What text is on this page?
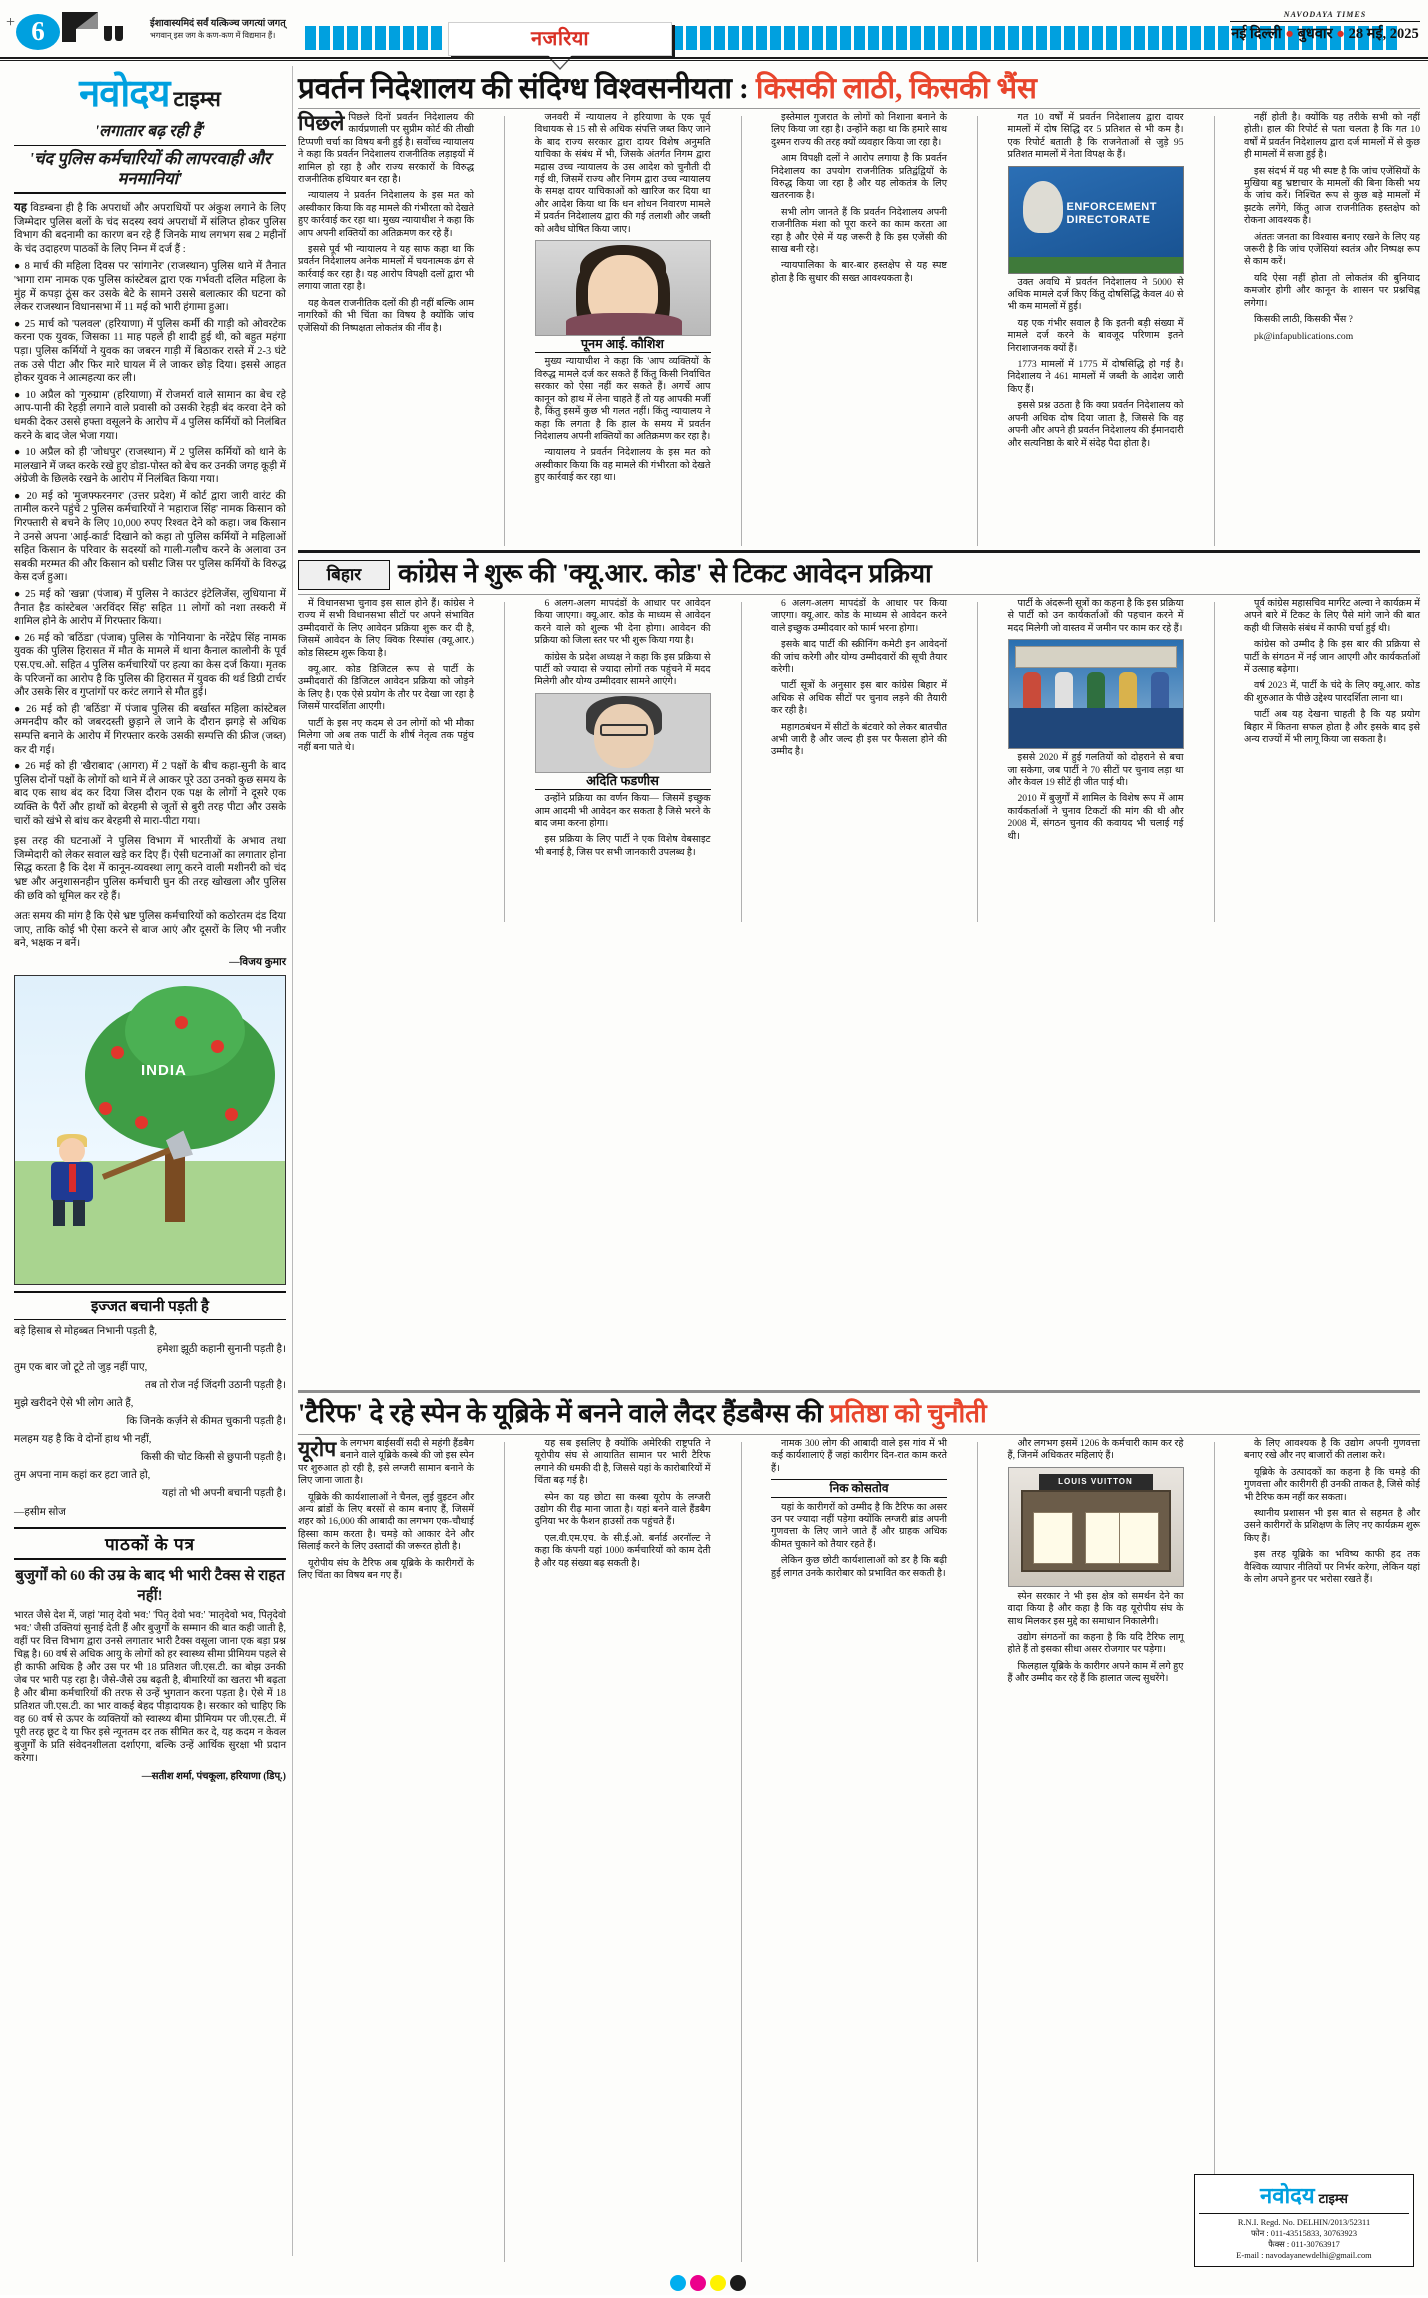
+ 6	ईशावास्यमिदं सर्वं यत्किञ्च जगत्यां जगत्
भगवान् इस जग के कण-कण में विद्यमान हैं।	नजरिया
NAVODAYA TIMES
नई दिल्ली ● बुधवार ● 28 मई, 2025
नवोदय टाइम्स
'लगातार बढ़ रही हैं'
'चंद पुलिस कर्मचारियों की लापरवाही और मनमानियां'
यह विडम्बना ही है कि अपराधों और अपराधियों पर अंकुश लगाने के लिए जिम्मेदार पुलिस बलों के चंद सदस्य स्वयं अपराधों में संलिप्त होकर पुलिस विभाग की बदनामी का कारण बन रहे हैं जिनके माथ लगभग सब 2 महीनों के चंद उदाहरण पाठकों के लिए निम्न में दर्ज हैं :

● 8 मार्च की महिला दिवस पर 'सांगानेर' (राजस्थान) पुलिस थाने में तैनात 'भागा राम' नामक एक पुलिस कांस्टेबल द्वारा एक गर्भवती दलित महिला के मुंह में कपड़ा ठूंस कर उसके बेटे के सामने उससे बलात्कार की घटना को लेकर राजस्थान विधानसभा में 11 मई को भारी हंगामा हुआ।

● 25 मार्च को 'पलवल' (हरियाणा) में पुलिस कर्मी की गाड़ी को ओवरटेक करना एक युवक, जिसका 11 माह पहले ही शादी हुई थी, को बहुत महंगा पड़ा। पुलिस कर्मियों ने युवक का जबरन गाड़ी में बिठाकर रास्ते में 2-3 घंटे तक उसे पीटा और फिर मारे घायल में ले जाकर छोड़ दिया। इससे आहत होकर युवक ने आत्महत्या कर ली।

● 10 अप्रैल को 'गुरुग्राम' (हरियाणा) में रोजमर्रा वाले सामान का बेच रहे आप-पानी की रेहड़ी लगाने वाले प्रवासी को उसकी रेहड़ी बंद करवा देने को धमकी देकर उससे हफ्ता वसूलने के आरोप में 4 पुलिस कर्मियों को निलंबित करने के बाद जेल भेजा गया।

● 10 अप्रैल को ही 'जोधपुर' (राजस्थान) में 2 पुलिस कर्मियों को थाने के मालखाने में जब्त करके रखे हुए डोडा-पोस्त को बेच कर उनकी जगह कूड़ी में अंग्रेजी के छिलके रखने के आरोप में निलंबित किया गया।

● 20 मई को 'मुजफ्फरनगर' (उत्तर प्रदेश) में कोर्ट द्वारा जारी वारंट की तामील करने पहुंचे 2 पुलिस कर्मचारियों ने 'महाराज सिंह' नामक किसान को गिरफ्तारी से बचने के लिए 10,000 रुपए रिश्वत देने को कहा। जब किसान ने उनसे अपना 'आई-कार्ड' दिखाने को कहा तो पुलिस कर्मियों ने महिलाओं सहित किसान के परिवार के सदस्यों को गाली-गलौच करने के अलावा उन सबकी मरम्मत की और किसान को घसीट जिस पर पुलिस कर्मियों के विरुद्ध केस दर्ज हुआ।

● 25 मई को 'खन्ना' (पंजाब) में पुलिस ने काउंटर इंटेलिजेंस, लुधियाना में तैनात हैड कांस्टेबल 'अरविंदर सिंह' सहित 11 लोगों को नशा तस्करी में शामिल होने के आरोप में गिरफ्तार किया।

● 26 मई को 'बठिंडा' (पंजाब) पुलिस के 'गोनियाना' के नरेंद्रेप सिंह नामक युवक की पुलिस हिरासत में मौत के मामले में थाना कैनाल कालोनी के पूर्व एस.एच.ओ. सहित 4 पुलिस कर्मचारियों पर हत्या का केस दर्ज किया। मृतक के परिजनों का आरोप है कि पुलिस की हिरासत में युवक की थर्ड डिग्री टार्चर और उसके सिर व गुप्तांगों पर करंट लगाने से मौत हुई।

● 26 मई को ही 'बठिंडा' में पंजाब पुलिस की बर्खास्त महिला कांस्टेबल अमनदीप कौर को जबरदस्ती छुड़ाने ले जाने के दौरान झगड़े से अधिक सम्पत्ति बनाने के आरोप में गिरफ्तार करके उसकी सम्पत्ति की फ्रीज (जब्त) कर दी गई।

● 26 मई को ही 'खैराबाद' (आगरा) में 2 पक्षों के बीच कहा-सुनी के बाद पुलिस दोनों पक्षों के लोगों को थाने में ले आकर पूरे उठा उनको कुछ समय के बाद एक साथ बंद कर दिया जिस दौरान एक पक्ष के लोगों ने दूसरे एक व्यक्ति के पैरों और हाथों को बेरहमी से जूतों से बुरी तरह पीटा और उसके चारों को खंभे से बांध कर बेरहमी से मारा-पीटा गया।

इस तरह की घटनाओं ने पुलिस विभाग में भारतीयों के अभाव तथा जिम्मेदारी को लेकर सवाल खड़े कर दिए हैं। ऐसी घटनाओं का लगातार होना सिद्ध करता है कि देश में कानून-व्यवस्था लागू करने वाली मशीनरी को चंद भ्रष्ट और अनुशासनहीन पुलिस कर्मचारी घुन की तरह खोखला और पुलिस की छवि को धूमिल कर रहे हैं।
अतः समय की मांग है कि ऐसे भ्रष्ट पुलिस कर्मचारियों को कठोरतम दंड दिया जाए, ताकि कोई भी ऐसा करने से बाज आएं और दूसरों के लिए भी नजीर बने, भक्षक न बनें।
—विजय कुमार
INDIA
इज्जत बचानी पड़ती है

बड़े हिसाब से मोहब्बत निभानी पड़ती है,

हमेशा झूठी कहानी सुनानी पड़ती है।

तुम एक बार जो टूटे तो जुड़ नहीं पाए,

तब तो रोज नई जिंदगी उठानी पड़ती है।

मुझे खरीदने ऐसे भी लोग आते हैं,

कि जिनके कर्ज़ने से कीमत चुकानी पड़ती है।

मलहम यह है कि वे दोनों हाथ भी नहीं,

किसी की चोट किसी से छुपानी पड़ती है।

तुम अपना नाम कहां कर हटा जाते हो,

यहां तो भी अपनी बचानी पड़ती है।

—हसीम सोज
पाठकों के पत्र
बुजुर्गों को 60 की उम्र के बाद भी भारी टैक्स से राहत नहीं!
भारत जैसे देश में, जहां 'मातृ देवो भव:' 'पितृ देवो भव:' 'मातृदेवो भव, पितृदेवो भव:' जैसी उक्तियां सुनाई देती हैं और बुजुर्गों के सम्मान की बात कही जाती है, वहीं पर वित्त विभाग द्वारा उनसे लगातार भारी टैक्स वसूला जाना एक बड़ा प्रश्न चिह्न है। 60 वर्ष से अधिक आयु के लोगों को हर स्वास्थ्य सीमा प्रीमियम पहले से ही काफी अधिक है और उस पर भी 18 प्रतिशत जी.एस.टी. का बोझ उनकी जेब पर भारी पड़ रहा है। जैसे-जैसे उम्र बढ़ती है, बीमारियों का खतरा भी बढ़ता है और बीमा कर्मचारियों की तरफ से उन्हें भुगतान करना पड़ता है। ऐसे में 18 प्रतिशत जी.एस.टी. का भार वाकई बेहद पीड़ादायक है। सरकार को चाहिए कि वह 60 वर्ष से ऊपर के व्यक्तियों को स्वास्थ्य बीमा प्रीमियम पर जी.एस.टी. में पूरी तरह छूट दे या फिर इसे न्यूनतम दर तक सीमित कर दे, यह कदम न केवल बुजुर्गों के प्रति संवेदनशीलता दर्शाएगा, बल्कि उन्हें आर्थिक सुरक्षा भी प्रदान करेगा।
—सतीश शर्मा, पंचकूला, हरियाणा (डिप्.)
प्रवर्तन निदेशालय की संदिग्ध विश्वसनीयता : किसकी लाठी, किसकी भैंस

पिछले पिछले दिनों प्रवर्तन निदेशालय की कार्यप्रणाली पर सुप्रीम कोर्ट की तीखी टिप्पणी चर्चा का विषय बनी हुई है। सर्वोच्च न्यायालय ने कहा कि प्रवर्तन निदेशालय राजनीतिक लड़ाइयों में शामिल हो रहा है और राज्य सरकारों के विरुद्ध राजनीतिक हथियार बन रहा है।

न्यायालय ने प्रवर्तन निदेशालय के इस मत को अस्वीकार किया कि वह मामले की गंभीरता को देखते हुए कार्रवाई कर रहा था। मुख्य न्यायाधीश ने कहा कि आप अपनी शक्तियों का अतिक्रमण कर रहे हैं।

इससे पूर्व भी न्यायालय ने यह साफ कहा था कि प्रवर्तन निदेशालय अनेक मामलों में चयनात्मक ढंग से कार्रवाई कर रहा है। यह आरोप विपक्षी दलों द्वारा भी लगाया जाता रहा है।

यह केवल राजनीतिक दलों की ही नहीं बल्कि आम नागरिकों की भी चिंता का विषय है क्योंकि जांच एजेंसियों की निष्पक्षता लोकतंत्र की नींव है।

जनवरी में न्यायालय ने हरियाणा के एक पूर्व विधायक से 15 सौ से अधिक संपत्ति जब्त किए जाने के बाद राज्य सरकार द्वारा दायर विशेष अनुमति याचिका के संबंध में भी, जिसके अंतर्गत निगम द्वारा मद्रास उच्च न्यायालय के उस आदेश को चुनौती दी गई थी, जिसमें राज्य और निगम द्वारा उच्च न्यायालय के समक्ष दायर याचिकाओं को खारिज कर दिया था और आदेश किया था कि धन शोधन निवारण मामले में प्रवर्तन निदेशालय द्वारा की गई तलाशी और जब्ती को अवैध घोषित किया जाए।

पूनम आई. कौशिश

मुख्य न्यायाधीश ने कहा कि 'आप व्यक्तियों के विरुद्ध मामले दर्ज कर सकते हैं किंतु किसी निर्वाचित सरकार को ऐसा नहीं कर सकते हैं। अगर्चे आप कानून को हाथ में लेना चाहते हैं तो यह आपकी मर्जी है, किंतु इसमें कुछ भी गलत नहीं। किंतु न्यायालय ने कहा कि लगता है कि हाल के समय में प्रवर्तन निदेशालय अपनी शक्तियों का अतिक्रमण कर रहा है।

न्यायालय ने प्रवर्तन निदेशालय के इस मत को अस्वीकार किया कि वह मामले की गंभीरता को देखते हुए कार्रवाई कर रहा था।

इस्तेमाल गुजरात के लोगों को निशाना बनाने के लिए किया जा रहा है। उन्होंने कहा था कि हमारे साथ दुश्मन राज्य की तरह क्यों व्यवहार किया जा रहा है।

आम विपक्षी दलों ने आरोप लगाया है कि प्रवर्तन निदेशालय का उपयोग राजनीतिक प्रतिद्वंद्वियों के विरुद्ध किया जा रहा है और यह लोकतंत्र के लिए खतरनाक है।

सभी लोग जानते हैं कि प्रवर्तन निदेशालय अपनी राजनीतिक मंशा को पूरा करने का काम करता आ रहा है और ऐसे में यह जरूरी है कि इस एजेंसी की साख बनी रहे।

न्यायपालिका के बार-बार हस्तक्षेप से यह स्पष्ट होता है कि सुधार की सख्त आवश्यकता है।

गत 10 वर्षों में प्रवर्तन निदेशालय द्वारा दायर मामलों में दोष सिद्धि दर 5 प्रतिशत से भी कम है। एक रिपोर्ट बताती है कि राजनेताओं से जुड़े 95 प्रतिशत मामलों में नेता विपक्ष के हैं।

ENFORCEMENT DIRECTORATE

उक्त अवधि में प्रवर्तन निदेशालय ने 5000 से अधिक मामले दर्ज किए किंतु दोषसिद्धि केवल 40 से भी कम मामलों में हुई।

यह एक गंभीर सवाल है कि इतनी बड़ी संख्या में मामले दर्ज करने के बावजूद परिणाम इतने निराशाजनक क्यों हैं।

1773 मामलों में 1775 में दोषसिद्धि हो गई है। निदेशालय ने 461 मामलों में जब्ती के आदेश जारी किए हैं।

इससे प्रश्न उठता है कि क्या प्रवर्तन निदेशालय को अपनी अधिक दोष दिया जाता है, जिससे कि वह अपनी और अपने ही प्रवर्तन निदेशालय की ईमानदारी और सत्यनिष्ठा के बारे में संदेह पैदा होता है।

नहीं होती है। क्योंकि यह तरीके सभी को नहीं होती। हाल की रिपोर्ट से पता चलता है कि गत 10 वर्षों में प्रवर्तन निदेशालय द्वारा दर्ज मामलों में से कुछ ही मामलों में सजा हुई है।

इस संदर्भ में यह भी स्पष्ट है कि जांच एजेंसियों के मुखिया बहु भ्रष्टाचार के मामलों की बिना किसी भय के जांच करें। निश्चित रूप से कुछ बड़े मामलों में झटके लगेंगे, किंतु आज राजनीतिक हस्तक्षेप को रोकना आवश्यक है।

अंततः जनता का विश्वास बनाए रखने के लिए यह जरूरी है कि जांच एजेंसियां स्वतंत्र और निष्पक्ष रूप से काम करें।

यदि ऐसा नहीं होता तो लोकतंत्र की बुनियाद कमजोर होगी और कानून के शासन पर प्रश्नचिह्न लगेगा।

किसकी लाठी, किसकी भैंस ?

pk@infapublications.com

बिहार	कांग्रेस ने शुरू की 'क्यू.आर. कोड' से टिकट आवेदन प्रक्रिया

में विधानसभा चुनाव इस साल होने हैं। कांग्रेस ने राज्य में सभी विधानसभा सीटों पर अपने संभावित उम्मीदवारों के लिए आवेदन प्रक्रिया शुरू कर दी है, जिसमें आवेदन के लिए क्विक रिस्पांस (क्यू.आर.) कोड सिस्टम शुरू किया है।

क्यू.आर. कोड डिजिटल रूप से पार्टी के उम्मीदवारों की डिजिटल आवेदन प्रक्रिया को जोड़ने के लिए है। एक ऐसे प्रयोग के तौर पर देखा जा रहा है जिसमें पारदर्शिता आएगी।

पार्टी के इस नए कदम से उन लोगों को भी मौका मिलेगा जो अब तक पार्टी के शीर्ष नेतृत्व तक पहुंच नहीं बना पाते थे।

6 अलग-अलग मापदंडों के आधार पर आवेदन किया जाएगा। क्यू.आर. कोड के माध्यम से आवेदन करने वाले को शुल्क भी देना होगा। आवेदन की प्रक्रिया को जिला स्तर पर भी शुरू किया गया है।

कांग्रेस के प्रदेश अध्यक्ष ने कहा कि इस प्रक्रिया से पार्टी को ज्यादा से ज्यादा लोगों तक पहुंचने में मदद मिलेगी और योग्य उम्मीदवार सामने आएंगे।

अदिति फडणीस

उन्होंने प्रक्रिया का वर्णन किया— जिसमें इच्छुक आम आदमी भी आवेदन कर सकता है जिसे भरने के बाद जमा करना होगा।

इस प्रक्रिया के लिए पार्टी ने एक विशेष वेबसाइट भी बनाई है, जिस पर सभी जानकारी उपलब्ध है।

6 अलग-अलग मापदंडों के आधार पर किया जाएगा। क्यू.आर. कोड के माध्यम से आवेदन करने वाले इच्छुक उम्मीदवार को फार्म भरना होगा।

इसके बाद पार्टी की स्क्रीनिंग कमेटी इन आवेदनों की जांच करेगी और योग्य उम्मीदवारों की सूची तैयार करेगी।

पार्टी सूत्रों के अनुसार इस बार कांग्रेस बिहार में अधिक से अधिक सीटों पर चुनाव लड़ने की तैयारी कर रही है।

महागठबंधन में सीटों के बंटवारे को लेकर बातचीत अभी जारी है और जल्द ही इस पर फैसला होने की उम्मीद है।

पार्टी के अंदरूनी सूत्रों का कहना है कि इस प्रक्रिया से पार्टी को उन कार्यकर्ताओं की पहचान करने में मदद मिलेगी जो वास्तव में जमीन पर काम कर रहे हैं।

इससे 2020 में हुई गलतियों को दोहराने से बचा जा सकेगा, जब पार्टी ने 70 सीटों पर चुनाव लड़ा था और केवल 19 सीटें ही जीत पाई थी।

2010 में बुजुर्गों में शामिल के विशेष रूप में आम कार्यकर्ताओं ने चुनाव टिकटों की मांग की थी और 2008 में, संगठन चुनाव की कवायद भी चलाई गई थी।

पूर्व कांग्रेस महासचिव मार्गरेट अल्वा ने कार्यक्रम में अपने बारे में टिकट के लिए पैसे मांगे जाने की बात कही थी जिसके संबंध में काफी चर्चा हुई थी।

कांग्रेस को उम्मीद है कि इस बार की प्रक्रिया से पार्टी के संगठन में नई जान आएगी और कार्यकर्ताओं में उत्साह बढ़ेगा।

वर्ष 2023 में, पार्टी के चंदे के लिए क्यू.आर. कोड की शुरुआत के पीछे उद्देश्य पारदर्शिता लाना था।

पार्टी अब यह देखना चाहती है कि यह प्रयोग बिहार में कितना सफल होता है और इसके बाद इसे अन्य राज्यों में भी लागू किया जा सकता है।

'टैरिफ' दे रहे स्पेन के यूब्रिके में बनने वाले लैदर हैंडबैग्स की प्रतिष्ठा को चुनौती

यूरोप के लगभग बाईसवीं सदी से महंगी हैंडबैग बनाने वाले यूब्रिके कस्बे की जो इस स्पेन पर शुरुआत हो रही है, इसे लग्जरी सामान बनाने के लिए जाना जाता है।

यूब्रिके की कार्यशालाओं ने चैनल, लुई वुइटन और अन्य ब्रांडों के लिए बरसों से काम बनाए हैं, जिसमें शहर को 16,000 की आबादी का लगभग एक-चौथाई हिस्सा काम करता है। चमड़े को आकार देने और सिलाई करने के लिए उस्तादों की जरूरत होती है।

यूरोपीय संघ के टैरिफ अब यूब्रिके के कारीगरों के लिए चिंता का विषय बन गए हैं।

यह सब इसलिए है क्योंकि अमेरिकी राष्ट्रपति ने यूरोपीय संघ से आयातित सामान पर भारी टैरिफ लगाने की धमकी दी है, जिससे यहां के कारोबारियों में चिंता बढ़ गई है।

स्पेन का यह छोटा सा कस्बा यूरोप के लग्जरी उद्योग की रीढ़ माना जाता है। यहां बनने वाले हैंडबैग दुनिया भर के फैशन हाउसों तक पहुंचते हैं।

एल.वी.एम.एच. के सी.ई.ओ. बर्नार्ड अरनॉल्ट ने कहा कि कंपनी यहां 1000 कर्मचारियों को काम देती है और यह संख्या बढ़ सकती है।

नामक 300 लोग की आबादी वाले इस गांव में भी कई कार्यशालाएं हैं जहां कारीगर दिन-रात काम करते हैं।

निक कोसतोव

यहां के कारीगरों को उम्मीद है कि टैरिफ का असर उन पर ज्यादा नहीं पड़ेगा क्योंकि लग्जरी ब्रांड अपनी गुणवत्ता के लिए जाने जाते हैं और ग्राहक अधिक कीमत चुकाने को तैयार रहते हैं।

लेकिन कुछ छोटी कार्यशालाओं को डर है कि बढ़ी हुई लागत उनके कारोबार को प्रभावित कर सकती है।

और लगभग इसमें 1206 के कर्मचारी काम कर रहे हैं, जिनमें अधिकतर महिलाएं हैं।

LOUIS VUITTON

स्पेन सरकार ने भी इस क्षेत्र को समर्थन देने का वादा किया है और कहा है कि वह यूरोपीय संघ के साथ मिलकर इस मुद्दे का समाधान निकालेगी।

उद्योग संगठनों का कहना है कि यदि टैरिफ लागू होते हैं तो इसका सीधा असर रोजगार पर पड़ेगा।

फिलहाल यूब्रिके के कारीगर अपने काम में लगे हुए हैं और उम्मीद कर रहे हैं कि हालात जल्द सुधरेंगे।

के लिए आवश्यक है कि उद्योग अपनी गुणवत्ता बनाए रखे और नए बाजारों की तलाश करे।

यूब्रिके के उत्पादकों का कहना है कि चमड़े की गुणवत्ता और कारीगरी ही उनकी ताकत है, जिसे कोई भी टैरिफ कम नहीं कर सकता।

स्थानीय प्रशासन भी इस बात से सहमत है और उसने कारीगरों के प्रशिक्षण के लिए नए कार्यक्रम शुरू किए हैं।

इस तरह यूब्रिके का भविष्य काफी हद तक वैश्विक व्यापार नीतियों पर निर्भर करेगा, लेकिन यहां के लोग अपने हुनर पर भरोसा रखते हैं।

नवोदय टाइम्स
R.N.I. Regd. No. DELHIN/2013/52311
फोन : 011-43515833, 30763923
फैक्स : 011-30763917
E-mail : navodayanewdelhi@gmail.com
